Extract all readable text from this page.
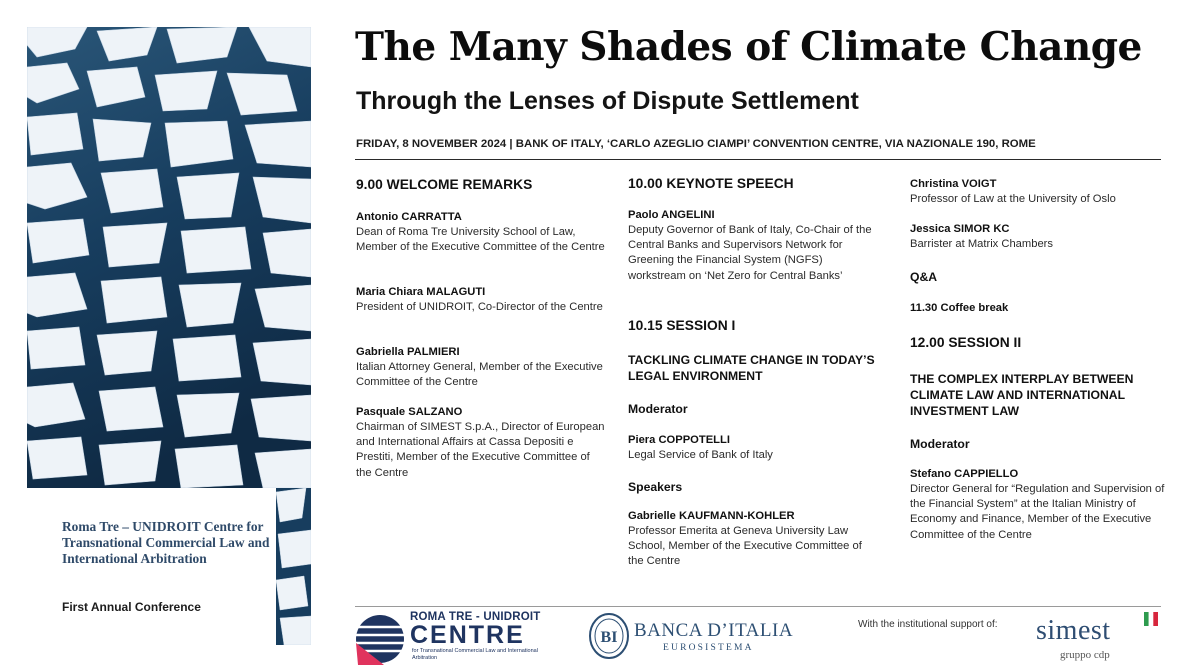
Roma Tre – UNIDROIT Centre for Transnational Commercial Law and International Arbitration
First Annual Conference
The Many Shades of Climate Change
Through the Lenses of Dispute Settlement
FRIDAY, 8 NOVEMBER 2024 | BANK OF ITALY, ‘CARLO AZEGLIO CIAMPI’ CONVENTION CENTRE, VIA NAZIONALE 190, ROME
9.00 WELCOME REMARKS
Antonio CARRATTA
Dean of Roma Tre University School of Law, Member of the Executive Committee of the Centre
Maria Chiara MALAGUTI
President of UNIDROIT, Co-Director of the Centre
Gabriella PALMIERI
Italian Attorney General, Member of the Executive Committee of the Centre
Pasquale SALZANO
Chairman of SIMEST S.p.A., Director of European and International Affairs at Cassa Depositi e Prestiti, Member of the Executive Committee of the Centre
10.00 KEYNOTE SPEECH
Paolo ANGELINI
Deputy Governor of Bank of Italy, Co-Chair of the Central Banks and Supervisors Network for Greening the Financial System (NGFS) workstream on ‘Net Zero for Central Banks’
10.15 SESSION I
TACKLING CLIMATE CHANGE IN TODAY’S LEGAL ENVIRONMENT
Moderator
Piera COPPOTELLI
Legal Service of Bank of Italy
Speakers
Gabrielle KAUFMANN-KOHLER
Professor Emerita at Geneva University Law School, Member of the Executive Committee of the Centre
Christina VOIGT
Professor of Law at the University of Oslo
Jessica SIMOR KC
Barrister at Matrix Chambers
Q&A
11.30 Coffee break
12.00 SESSION II
THE COMPLEX INTERPLAY BETWEEN CLIMATE LAW AND INTERNATIONAL INVESTMENT LAW
Moderator
Stefano CAPPIELLO
Director General for “Regulation and Supervision of the Financial System” at the Italian Ministry of Economy and Finance, Member of the Executive Committee of the Centre
ROMA TRE - UNIDROIT
CENTRE
for Transnational Commercial Law and International Arbitration
BI BANCA D’ITALIA
EUROSISTEMA
With the institutional support of: simest
gruppo cdp
